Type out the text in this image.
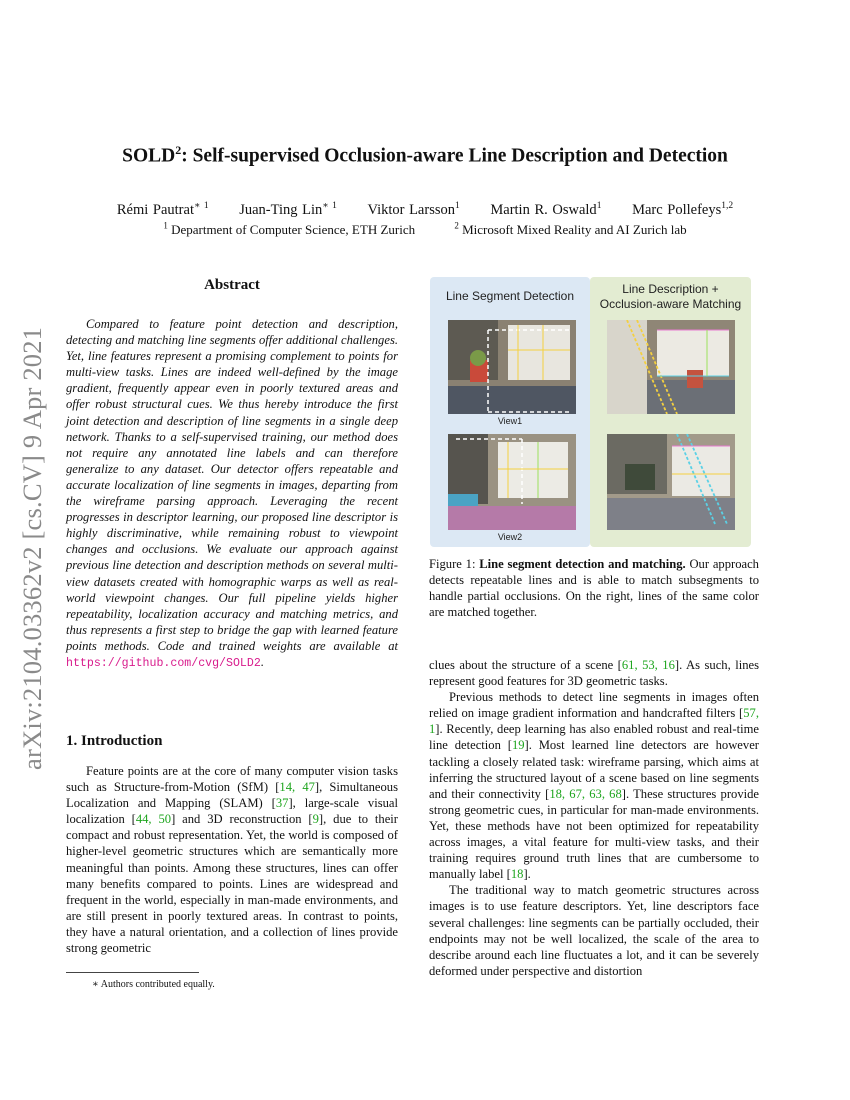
arXiv:2104.03362v2 [cs.CV] 9 Apr 2021
SOLD$^2$: Self-supervised Occlusion-aware Line Description and Detection
Rémi Pautrat$^{∗ 1}$ Juan-Ting Lin$^{∗ 1}$ Viktor Larsson$^1$ Martin R. Oswald$^1$ Marc Pollefeys$^{1,2}$
$^1$ Department of Computer Science, ETH Zurich	$^2$ Microsoft Mixed Reality and AI Zurich lab
Abstract

Compared to feature point detection and description, detecting and matching line segments offer additional challenges. Yet, line features represent a promising complement to points for multi-view tasks. Lines are indeed well-defined by the image gradient, frequently appear even in poorly textured areas and offer robust structural cues. We thus hereby introduce the first joint detection and description of line segments in a single deep network. Thanks to a self-supervised training, our method does not require any annotated line labels and can therefore generalize to any dataset. Our detector offers repeatable and accurate localization of line segments in images, departing from the wireframe parsing approach. Leveraging the recent progresses in descriptor learning, our proposed line descriptor is highly discriminative, while remaining robust to viewpoint changes and occlusions. We evaluate our approach against previous line detection and description methods on several multi-view datasets created with homographic warps as well as real-world viewpoint changes. Our full pipeline yields higher repeatability, localization accuracy and matching metrics, and thus represents a first step to bridge the gap with learned feature points methods. Code and trained weights are available at https://github.com/cvg/SOLD2.

1. Introduction

Feature points are at the core of many computer vision tasks such as Structure-from-Motion (SfM) [14, 47], Simultaneous Localization and Mapping (SLAM) [37], large-scale visual localization [44, 50] and 3D reconstruction [9], due to their compact and robust representation. Yet, the world is composed of higher-level geometric structures which are semantically more meaningful than points. Among these structures, lines can offer many benefits compared to points. Lines are widespread and frequent in the world, especially in man-made environments, and are still present in poorly textured areas. In contrast to points, they have a natural orientation, and a collection of lines provide strong geometric

∗ Authors contributed equally.
Line Segment Detection	Line Description +
Occlusion-aware Matching
View1
View2

Figure 1: Line segment detection and matching. Our approach detects repeatable lines and is able to match subsegments to handle partial occlusions. On the right, lines of the same color are matched together.

clues about the structure of a scene [61, 53, 16]. As such, lines represent good features for 3D geometric tasks.

Previous methods to detect line segments in images often relied on image gradient information and handcrafted filters [57, 1]. Recently, deep learning has also enabled robust and real-time line detection [19]. Most learned line detectors are however tackling a closely related task: wireframe parsing, which aims at inferring the structured layout of a scene based on line segments and their connectivity [18, 67, 63, 68]. These structures provide strong geometric cues, in particular for man-made environments. Yet, these methods have not been optimized for repeatability across images, a vital feature for multi-view tasks, and their training requires ground truth lines that are cumbersome to manually label [18].

The traditional way to match geometric structures across images is to use feature descriptors. Yet, line descriptors face several challenges: line segments can be partially occluded, their endpoints may not be well localized, the scale of the area to describe around each line fluctuates a lot, and it can be severely deformed under perspective and distortion
